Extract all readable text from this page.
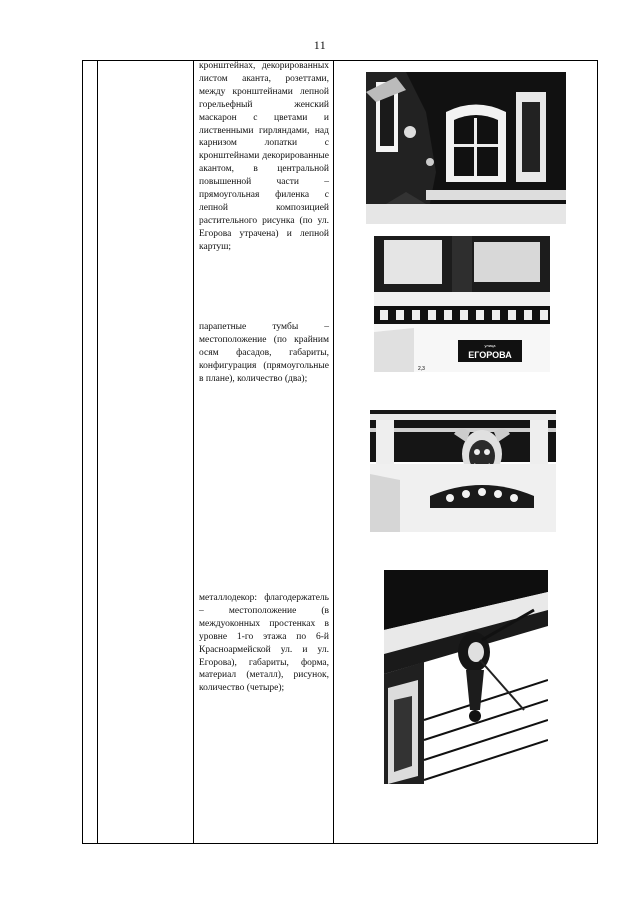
11

кронштейнах, декорированных листом аканта, розеттами, между кронштейнами лепной горельефный женский маскарон с цветами и лиственными гирляндами, над карнизом лопатки с кронштейнами декорированные акантом, в центральной повышенной части – прямоугольная филенка с лепной композицией растительного рисунка (по ул. Егорова утрачена) и лепной картуш;

парапетные тумбы – местоположение (по крайним осям фасадов, габариты, конфигурация (прямоугольные в плане), количество (два);

металлодекор: флагодержатель – местоположение (в междуоконных простенках в уровне 1-го этажа по 6-й Красноармейской ул. и ул. Егорова), габариты, форма, материал (металл), рисунок, количество (четыре);

улица
ЕГОРОВА
2,3
